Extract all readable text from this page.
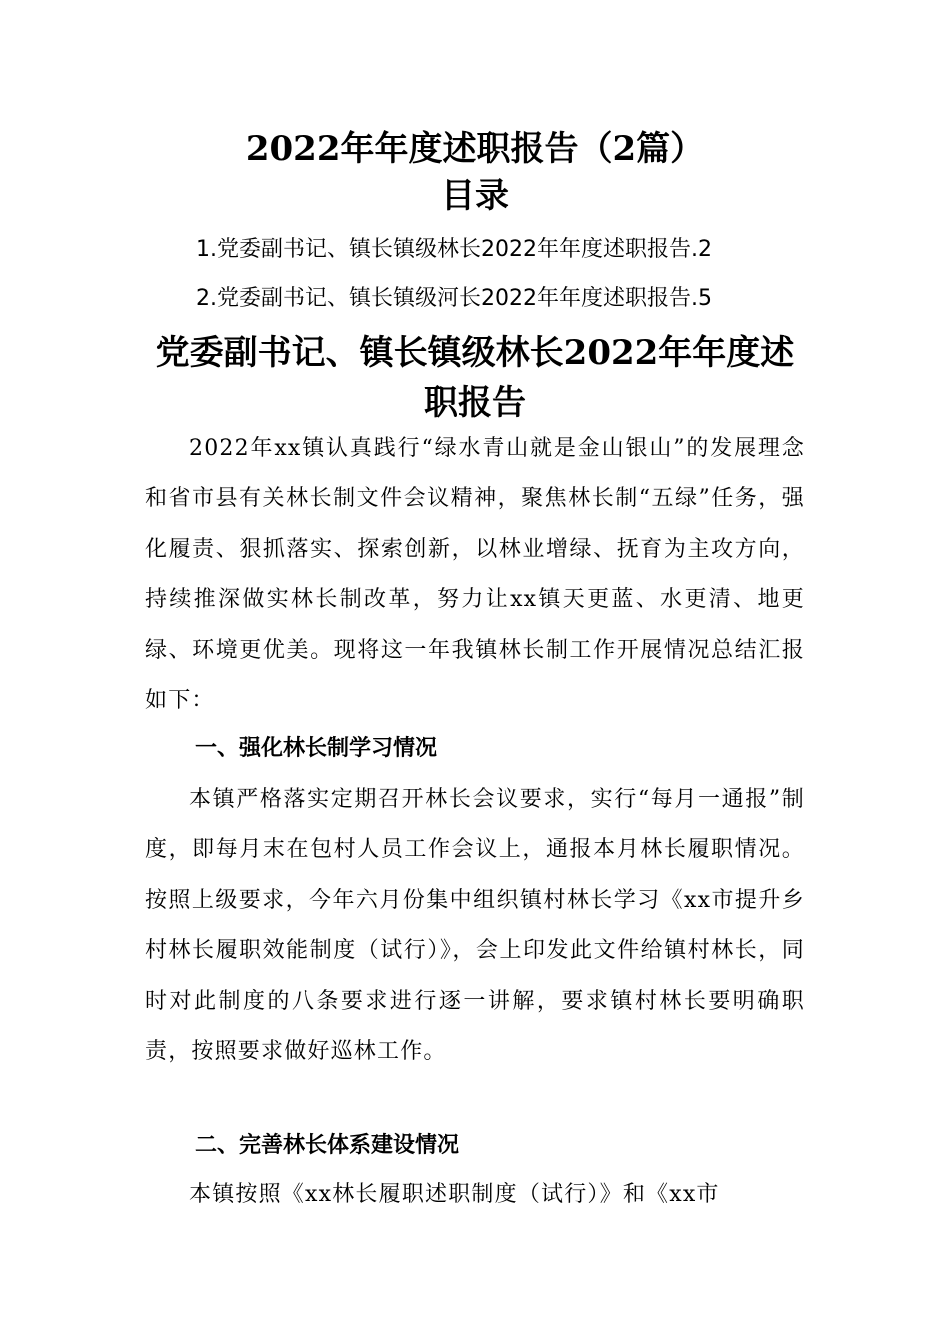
2022年年度述职报告（2篇）
目录
1.党委副书记、镇长镇级林长2022年年度述职报告.2
2.党委副书记、镇长镇级河长2022年年度述职报告.5
党委副书记、镇长镇级林长2022年年度述职报告
2022年xx镇认真践行“绿水青山就是金山银山”的发展理念和省市县有关林长制文件会议精神，聚焦林长制“五绿”任务，强化履责、狠抓落实、探索创新，以林业增绿、抚育为主攻方向，持续推深做实林长制改革，努力让xx镇天更蓝、水更清、地更绿、环境更优美。现将这一年我镇林长制工作开展情况总结汇报如下：
一、强化林长制学习情况
本镇严格落实定期召开林长会议要求，实行“每月一通报”制度，即每月末在包村人员工作会议上，通报本月林长履职情况。按照上级要求，今年六月份集中组织镇村林长学习《xx市提升乡村林长履职效能制度（试行）》，会上印发此文件给镇村林长，同时对此制度的八条要求进行逐一讲解，要求镇村林长要明确职责，按照要求做好巡林工作。
二、完善林长体系建设情况
本镇按照《xx林长履职述职制度（试行）》和《xx市
